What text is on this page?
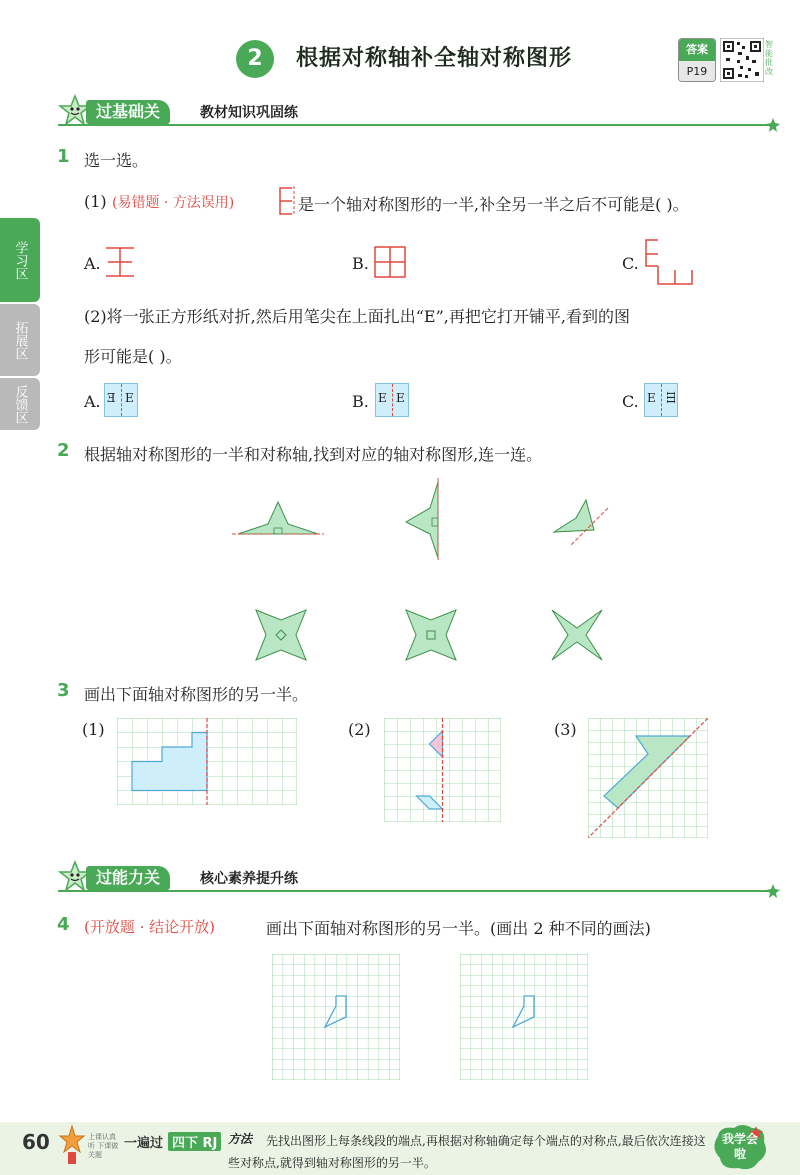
2	根据对称轴补全轴对称图形	答案
P19
智能批改
学习区
拓展区
反馈区
过基础关	教材知识巩固练
1 选一选。
(1) (易错题 · 方法误用)	是一个轴对称图形的一半,补全另一半之后不可能是( )。
A.	B.	C.
(2)将一张正方形纸对折,然后用笔尖在上面扎出“E”,再把它打开铺平,看到的图
形可能是( )。
A. Ǝ E	B. E E	C. E Ш
2 根据轴对称图形的一半和对称轴,找到对应的轴对称图形,连一连。
3 画出下面轴对称图形的另一半。
(1)	(2)	(3)
过能力关	核心素养提升练
4 (开放题 · 结论开放)	画出下面轴对称图形的另一半。(画出 2 种不同的画法)
60	上课认真听 下课做关题
一遍过 四下 RJ 方法	先找出图形上每条线段的端点,再根据对称轴确定每个端点的对称点,最后依次连接这些对称点,就得到轴对称图形的另一半。
我学会啦
